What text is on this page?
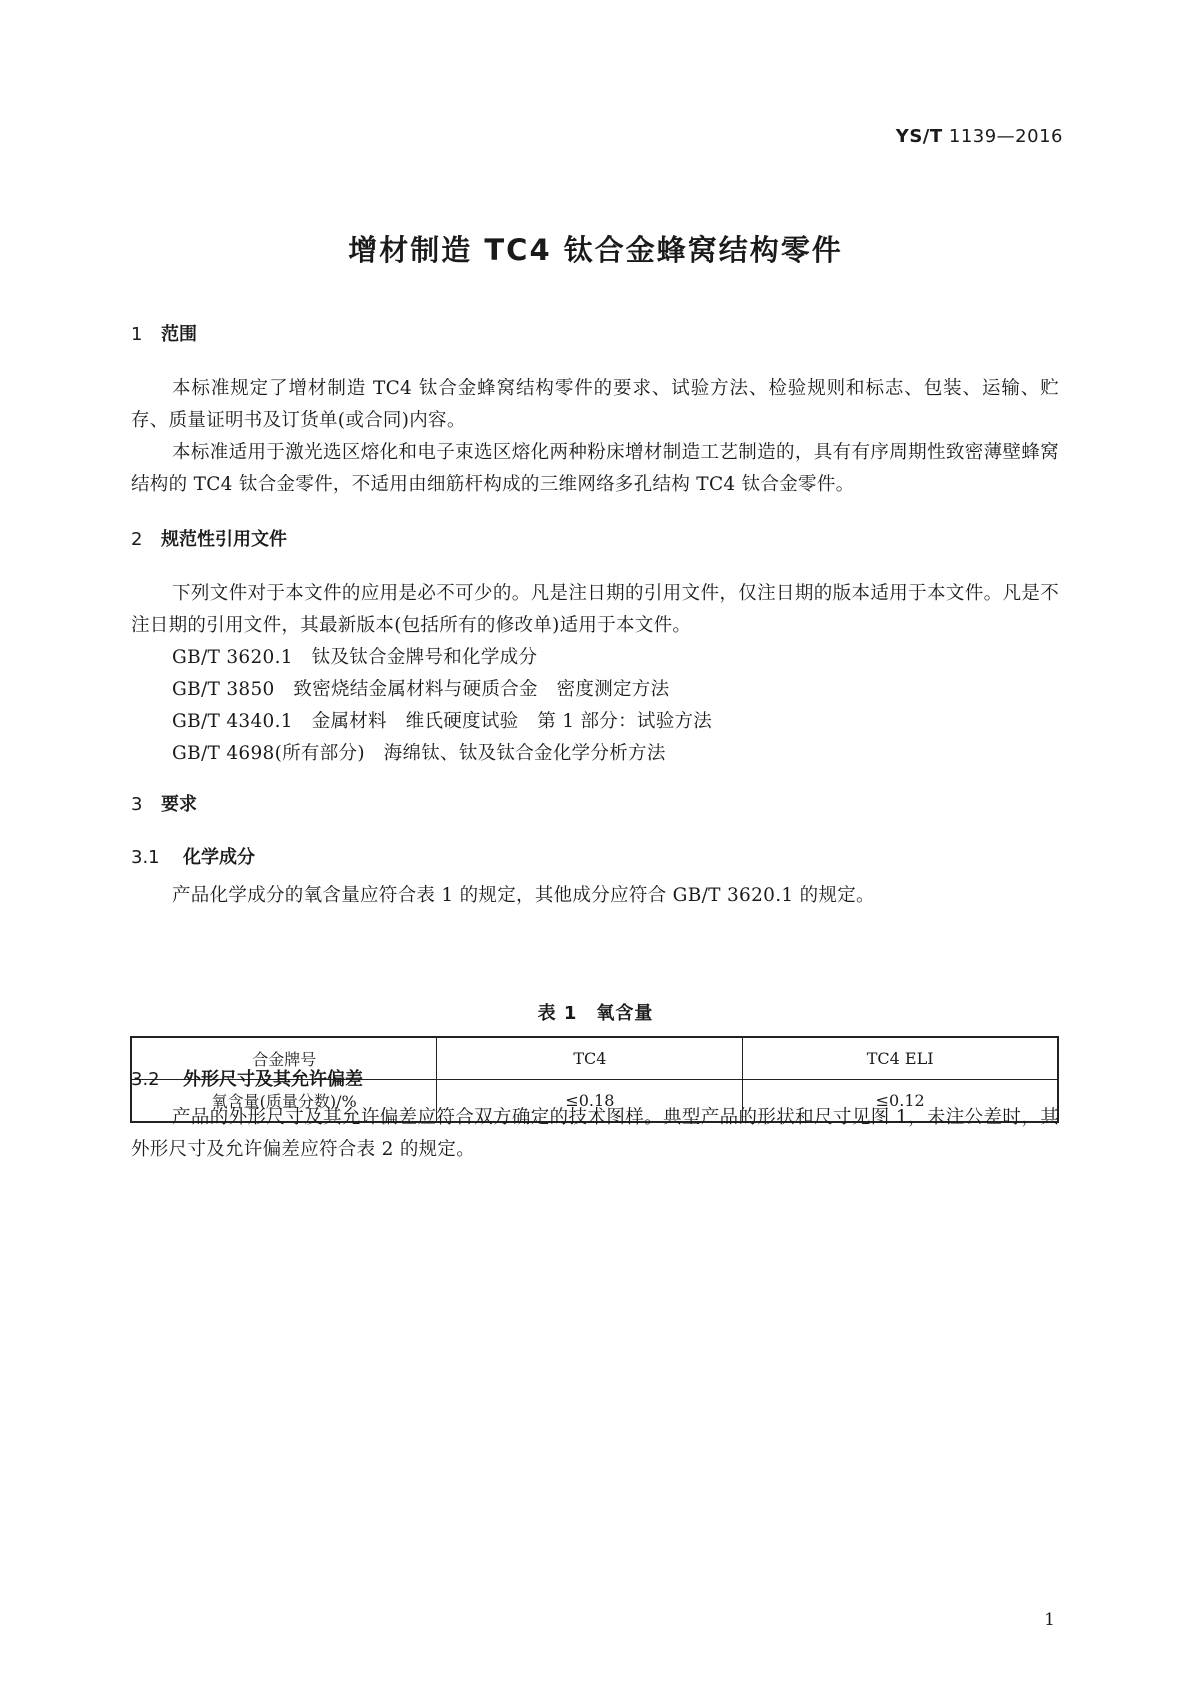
YS/T 1139—2016
增材制造 TC4 钛合金蜂窝结构零件
1 范围
本标准规定了增材制造 TC4 钛合金蜂窝结构零件的要求、试验方法、检验规则和标志、包装、运输、贮存、质量证明书及订货单(或合同)内容。
本标准适用于激光选区熔化和电子束选区熔化两种粉床增材制造工艺制造的，具有有序周期性致密薄壁蜂窝结构的 TC4 钛合金零件，不适用由细筋杆构成的三维网络多孔结构 TC4 钛合金零件。
2 规范性引用文件
下列文件对于本文件的应用是必不可少的。凡是注日期的引用文件，仅注日期的版本适用于本文件。凡是不注日期的引用文件，其最新版本(包括所有的修改单)适用于本文件。
GB/T 3620.1　钛及钛合金牌号和化学成分
GB/T 3850　致密烧结金属材料与硬质合金　密度测定方法
GB/T 4340.1　金属材料　维氏硬度试验　第 1 部分：试验方法
GB/T 4698(所有部分)　海绵钛、钛及钛合金化学分析方法
3 要求
3.1 化学成分
产品化学成分的氧含量应符合表 1 的规定，其他成分应符合 GB/T 3620.1 的规定。
表 1　氧含量
合金牌号	TC4	TC4 ELI
氧含量(质量分数)/%	≤0.18	≤0.12
3.2 外形尺寸及其允许偏差
产品的外形尺寸及其允许偏差应符合双方确定的技术图样。典型产品的形状和尺寸见图 1，未注公差时，其外形尺寸及允许偏差应符合表 2 的规定。
1
